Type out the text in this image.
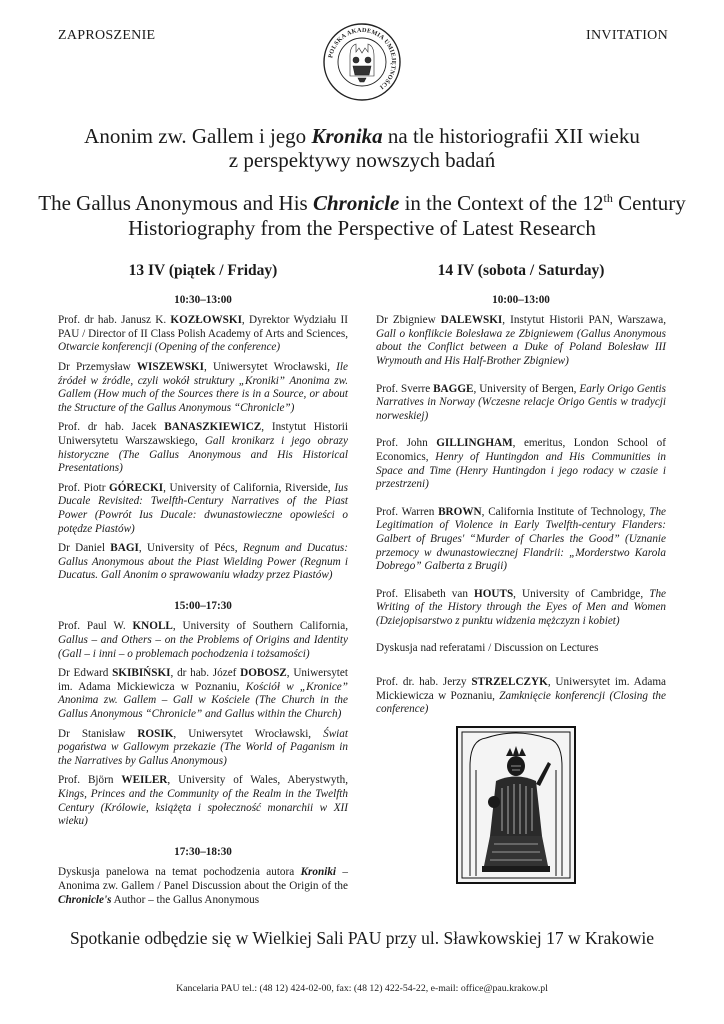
ZAPROSZENIE	INVITATION
POLSKA AKADEMIA UMIEJĘTNOŚCI
Anonim zw. Gallem i jego Kronika na tle historiografii XII wieku
z perspektywy nowszych badań
The Gallus Anonymous and His Chronicle in the Context of the 12th Century
Historiography from the Perspective of Latest Research
13 IV (piątek / Friday)
10:30–13:00
Prof. dr hab. Janusz K. KOZŁOWSKI, Dyrektor Wydziału II PAU / Director of II Class Polish Academy of Arts and Sciences, Otwarcie konferencji (Opening of the conference)
Dr Przemysław WISZEWSKI, Uniwersytet Wrocławski, Ile źródeł w źródle, czyli wokół struktury „Kroniki” Anonima zw. Gallem (How much of the Sources there is in a Source, or about the Structure of the Gallus Anonymous “Chronicle”)
Prof. dr hab. Jacek BANASZKIEWICZ, Instytut Historii Uniwersytetu Warszawskiego, Gall kronikarz i jego obrazy historyczne (The Gallus Anonymous and His Historical Presentations)
Prof. Piotr GÓRECKI, University of California, Riverside, Ius Ducale Revisited: Twelfth-Century Narratives of the Piast Power (Powrót Ius Ducale: dwunastowieczne opowieści o potędze Piastów)
Dr Daniel BAGI, University of Pécs, Regnum and Ducatus: Gallus Anonymous about the Piast Wielding Power (Regnum i Ducatus. Gall Anonim o sprawowaniu władzy przez Piastów)
15:00–17:30
Prof. Paul W. KNOLL, University of Southern California, Gallus – and Others – on the Problems of Origins and Identity (Gall – i inni – o problemach pochodzenia i tożsamości)
Dr Edward SKIBIŃSKI, dr hab. Józef DOBOSZ, Uniwersytet im. Adama Mickiewicza w Poznaniu, Kościół w „Kronice” Anonima zw. Gallem – Gall w Kościele (The Church in the Gallus Anonymous “Chronicle” and Gallus within the Church)
Dr Stanisław ROSIK, Uniwersytet Wrocławski, Świat pogaństwa w Gallowym przekazie (The World of Paganism in the Narratives by Gallus Anonymous)
Prof. Björn WEILER, University of Wales, Aberystwyth, Kings, Princes and the Community of the Realm in the Twelfth Century (Królowie, książęta i społeczność monarchii w XII wieku)
17:30–18:30
Dyskusja panelowa na temat pochodzenia autora Kroniki – Anonima zw. Gallem / Panel Discussion about the Origin of the Chronicle's Author – the Gallus Anonymous
14 IV (sobota / Saturday)
10:00–13:00
Dr Zbigniew DALEWSKI, Instytut Historii PAN, Warszawa, Gall o konflikcie Bolesława ze Zbigniewem (Gallus Anonymous about the Conflict between a Duke of Poland Bolesław III Wrymouth and His Half-Brother Zbigniew)
Prof. Sverre BAGGE, University of Bergen, Early Origo Gentis Narratives in Norway (Wczesne relacje Origo Gentis w tradycji norweskiej)
Prof. John GILLINGHAM, emeritus, London School of Economics, Henry of Huntingdon and His Communities in Space and Time (Henry Huntingdon i jego rodacy w czasie i przestrzeni)
Prof. Warren BROWN, California Institute of Technology, The Legitimation of Violence in Early Twelfth-century Flanders: Galbert of Bruges' “Murder of Charles the Good” (Uznanie przemocy w dwunastowiecznej Flandrii: „Morderstwo Karola Dobrego” Galberta z Brugii)
Prof. Elisabeth van HOUTS, University of Cambridge, The Writing of the History through the Eyes of Men and Women (Dziejopisarstwo z punktu widzenia mężczyzn i kobiet)
Dyskusja nad referatami / Discussion on Lectures
Prof. dr. hab. Jerzy STRZELCZYK, Uniwersytet im. Adama Mickiewicza w Poznaniu, Zamknięcie konferencji (Closing the conference)
Spotkanie odbędzie się w Wielkiej Sali PAU przy ul. Sławkowskiej 17 w Krakowie
Kancelaria PAU tel.: (48 12) 424-02-00, fax: (48 12) 422-54-22, e-mail: office@pau.krakow.pl
